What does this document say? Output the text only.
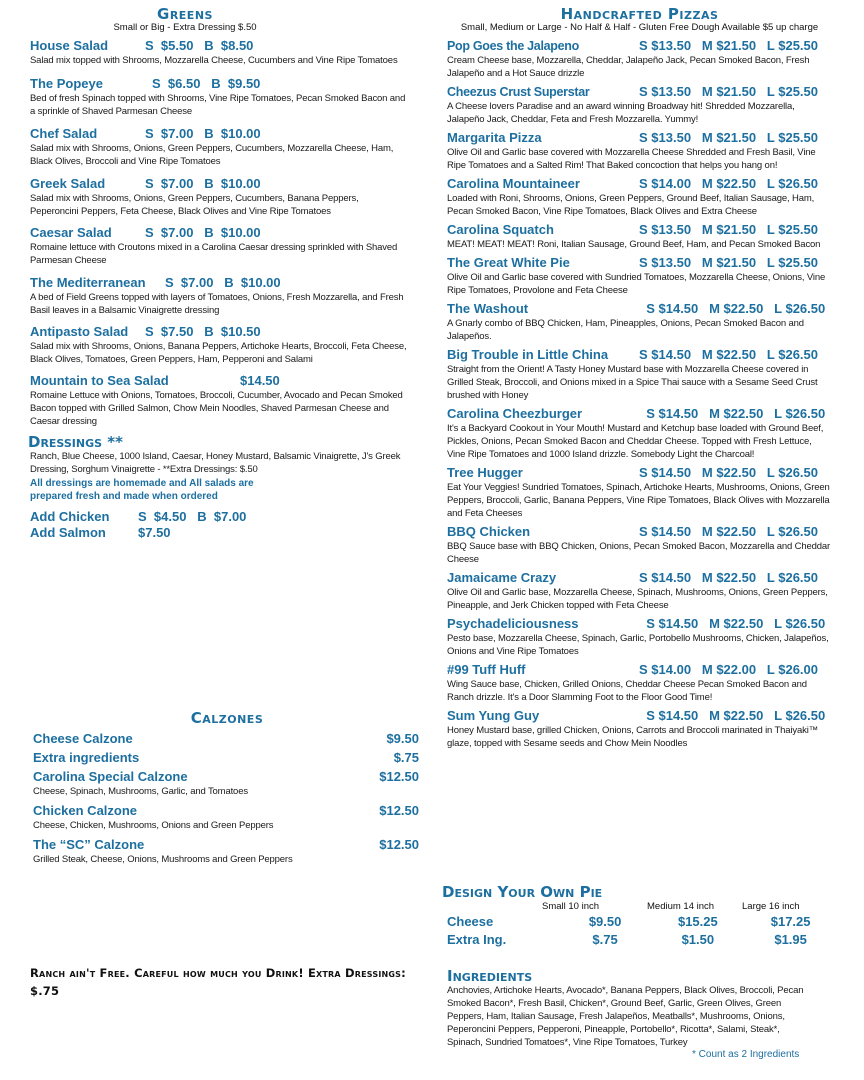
Greens
Small or Big - Extra Dressing $.50
House Salad	S  $5.50   B  $8.50
Salad mix topped with Shrooms, Mozzarella Cheese, Cucumbers and Vine Ripe Tomatoes
The Popeye	S  $6.50   B  $9.50
Bed of fresh Spinach topped with Shrooms, Vine Ripe Tomatoes, Pecan Smoked Bacon and a sprinkle of Shaved Parmesan Cheese
Chef Salad	S  $7.00   B  $10.00
Salad mix with Shrooms, Onions, Green Peppers, Cucumbers, Mozzarella Cheese, Ham, Black Olives, Broccoli and Vine Ripe Tomatoes
Greek Salad	S  $7.00   B  $10.00
Salad mix with Shrooms, Onions, Green Peppers, Cucumbers, Banana Peppers, Peperoncini Peppers, Feta Cheese, Black Olives and Vine Ripe Tomatoes
Caesar Salad	S  $7.00   B  $10.00
Romaine lettuce with Croutons mixed in a Carolina Caesar dressing sprinkled with Shaved Parmesan Cheese
The Mediterranean	S  $7.00   B  $10.00
A bed of Field Greens topped with layers of Tomatoes, Onions, Fresh Mozzarella, and Fresh Basil leaves in a Balsamic Vinaigrette dressing
Antipasto Salad	S  $7.50   B  $10.50
Salad mix with Shrooms, Onions, Banana Peppers, Artichoke Hearts, Broccoli, Feta Cheese, Black Olives, Tomatoes, Green Peppers, Ham, Pepperoni and Salami
Mountain to Sea Salad	$14.50
Romaine Lettuce with Onions, Tomatoes, Broccoli, Cucumber, Avocado and Pecan Smoked Bacon topped with Grilled Salmon, Chow Mein Noodles, Shaved Parmesan Cheese and Caesar dressing
Dressings **
Ranch, Blue Cheese, 1000 Island, Caesar, Honey Mustard, Balsamic Vinaigrette, J's Greek Dressing, Sorghum Vinaigrette - **Extra Dressings: $.50
All dressings are homemade and All salads are prepared fresh and made when ordered
Add Chicken	S  $4.50   B  $7.00
Add Salmon	$7.50
Calzones
Cheese Calzone	$9.50
Extra ingredients	$.75
Carolina Special Calzone	$12.50
Cheese, Spinach, Mushrooms, Garlic, and Tomatoes
Chicken Calzone	$12.50
Cheese, Chicken, Mushrooms, Onions and Green Peppers
The “SC” Calzone	$12.50
Grilled Steak, Cheese, Onions, Mushrooms and Green Peppers
Ranch ain't Free. Careful how much you Drink! Extra Dressings: $.75
Handcrafted Pizzas
Small, Medium or Large - No Half & Half - Gluten Free Dough Available $5 up charge
Pop Goes the Jalapeno	S $13.50   M $21.50   L $25.50
Cream Cheese base, Mozzarella, Cheddar, Jalapeño Jack, Pecan Smoked Bacon, Fresh Jalapeño and a Hot Sauce drizzle
Cheezus Crust Superstar	S $13.50   M $21.50   L $25.50
A Cheese lovers Paradise and an award winning Broadway hit! Shredded Mozzarella, Jalapeño Jack, Cheddar, Feta and Fresh Mozzarella. Yummy!
Margarita Pizza	S $13.50   M $21.50   L $25.50
Olive Oil and Garlic base covered with Mozzarella Cheese Shredded and Fresh Basil, Vine Ripe Tomatoes and a Salted Rim! That Baked concoction that helps you hang on!
Carolina Mountaineer	S $14.00   M $22.50   L $26.50
Loaded with Roni, Shrooms, Onions, Green Peppers, Ground Beef, Italian Sausage, Ham, Pecan Smoked Bacon, Vine Ripe Tomatoes, Black Olives and Extra Cheese
Carolina Squatch	S $13.50   M $21.50   L $25.50
MEAT! MEAT! MEAT! Roni, Italian Sausage, Ground Beef, Ham, and Pecan Smoked Bacon
The Great White Pie	S $13.50   M $21.50   L $25.50
Olive Oil and Garlic base covered with Sundried Tomatoes, Mozzarella Cheese, Onions, Vine Ripe Tomatoes, Provolone and Feta Cheese
The Washout	S $14.50   M $22.50   L $26.50
A Gnarly combo of BBQ Chicken, Ham, Pineapples, Onions, Pecan Smoked Bacon and Jalapeños.
Big Trouble in Little China	S $14.50   M $22.50   L $26.50
Straight from the Orient! A Tasty Honey Mustard base with Mozzarella Cheese covered in Grilled Steak, Broccoli, and Onions mixed in a Spice Thai sauce with a Sesame Seed Crust brushed with Honey
Carolina Cheezburger	S $14.50   M $22.50   L $26.50
It's a Backyard Cookout in Your Mouth! Mustard and Ketchup base loaded with Ground Beef, Pickles, Onions, Pecan Smoked Bacon and Cheddar Cheese. Topped with Fresh Lettuce, Vine Ripe Tomatoes and 1000 Island drizzle. Somebody Light the Charcoal!
Tree Hugger	S $14.50   M $22.50   L $26.50
Eat Your Veggies! Sundried Tomatoes, Spinach, Artichoke Hearts, Mushrooms, Onions, Green Peppers, Broccoli, Garlic, Banana Peppers, Vine Ripe Tomatoes, Black Olives with Mozzarella and Feta Cheeses
BBQ Chicken	S $14.50   M $22.50   L $26.50
BBQ Sauce base with BBQ Chicken, Onions, Pecan Smoked Bacon, Mozzarella and Cheddar Cheese
Jamaicame Crazy	S $14.50   M $22.50   L $26.50
Olive Oil and Garlic base, Mozzarella Cheese, Spinach, Mushrooms, Onions, Green Peppers, Pineapple, and Jerk Chicken topped with Feta Cheese
Psychadeliciousness	S $14.50   M $22.50   L $26.50
Pesto base, Mozzarella Cheese, Spinach, Garlic, Portobello Mushrooms, Chicken, Jalapeños, Onions and Vine Ripe Tomatoes
#99 Tuff Huff	S $14.00   M $22.00   L $26.00
Wing Sauce base, Chicken, Grilled Onions, Cheddar Cheese Pecan Smoked Bacon and Ranch drizzle. It's a Door Slamming Foot to the Floor Good Time!
Sum Yung Guy	S $14.50   M $22.50   L $26.50
Honey Mustard base, grilled Chicken, Onions, Carrots and Broccoli marinated in Thaiyaki™ glaze, topped with Sesame seeds and Chow Mein Noodles
Design Your Own Pie
Small 10 inch	Medium 14 inch	Large 16 inch
Cheese	$9.50	$15.25	$17.25
Extra Ing.	$.75	$1.50	$1.95
Ingredients
Anchovies, Artichoke Hearts, Avocado*, Banana Peppers, Black Olives, Broccoli, Pecan Smoked Bacon*, Fresh Basil, Chicken*, Ground Beef, Garlic, Green Olives, Green Peppers, Ham, Italian Sausage, Fresh Jalapeños, Meatballs*, Mushrooms, Onions, Peperoncini Peppers, Pepperoni, Pineapple, Portobello*, Ricotta*, Salami, Steak*, Spinach, Sundried Tomatoes*, Vine Ripe Tomatoes, Turkey
* Count as 2 Ingredients
